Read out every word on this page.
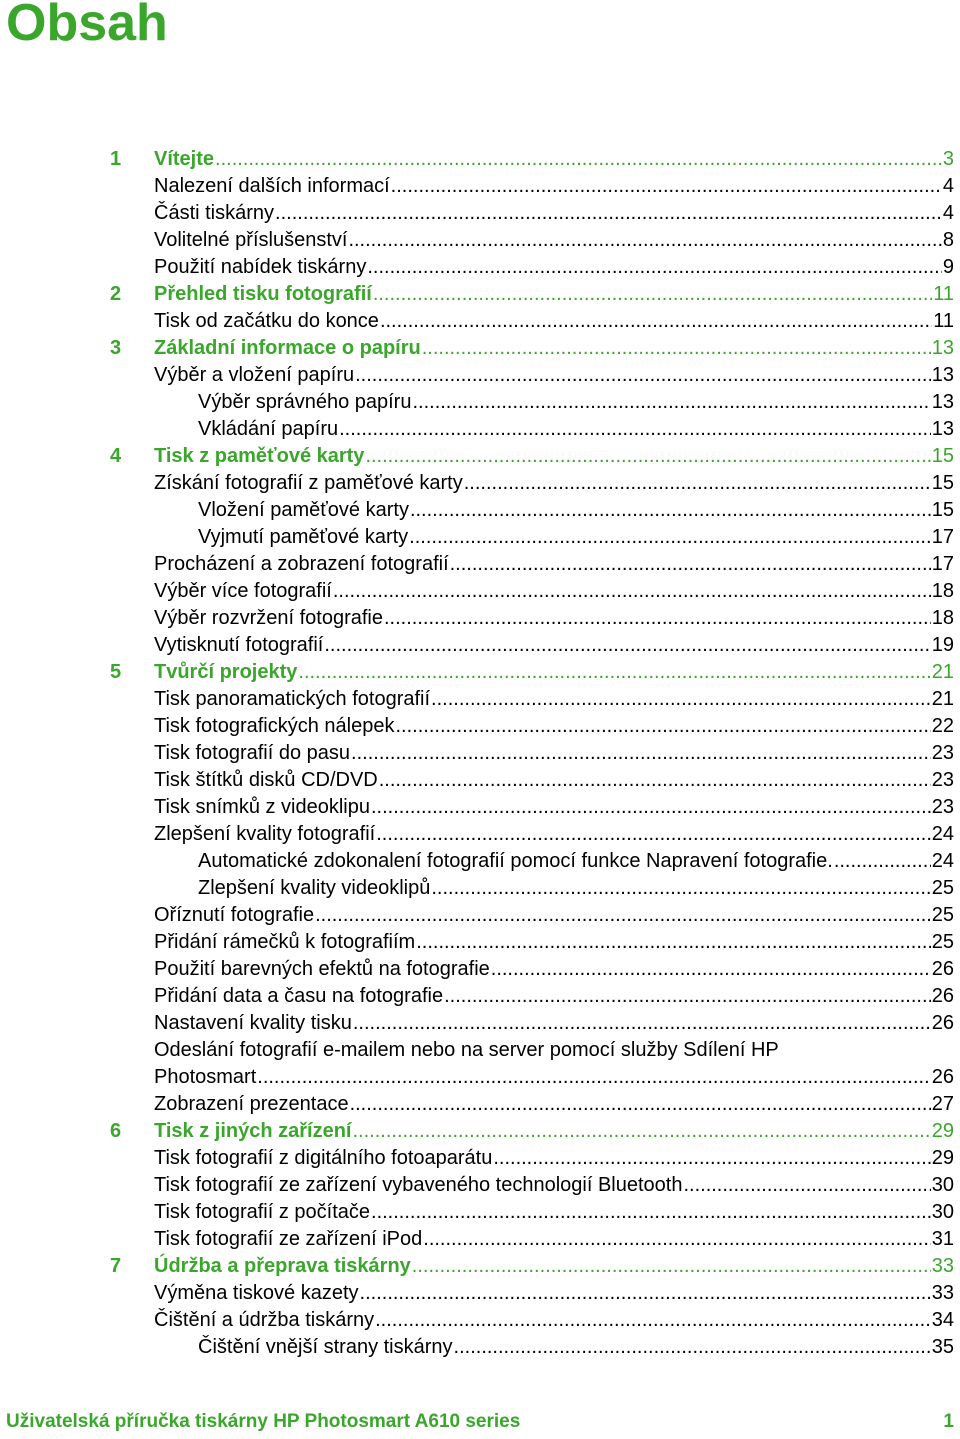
Obsah
1 Vítejte .....	3
Nalezení dalších informací .....	4
Části tiskárny .....	4
Volitelné příslušenství .....	8
Použití nabídek tiskárny .....	9
2 Přehled tisku fotografií .....	11
Tisk od začátku do konce .....	11
3 Základní informace o papíru .....	13
Výběr a vložení papíru .....	13
Výběr správného papíru .....	13
Vkládání papíru .....	13
4 Tisk z paměťové karty .....	15
Získání fotografií z paměťové karty .....	15
Vložení paměťové karty .....	15
Vyjmutí paměťové karty .....	17
Procházení a zobrazení fotografií .....	17
Výběr více fotografií .....	18
Výběr rozvržení fotografie .....	18
Vytisknutí fotografií .....	19
5 Tvůrčí projekty .....	21
Tisk panoramatických fotografií .....	21
Tisk fotografických nálepek .....	22
Tisk fotografií do pasu .....	23
Tisk štítků disků CD/DVD .....	23
Tisk snímků z videoklipu .....	23
Zlepšení kvality fotografií .....	24
Automatické zdokonalení fotografií pomocí funkce Napravení fotografie. .....	24
Zlepšení kvality videoklipů .....	25
Oříznutí fotografie .....	25
Přidání rámečků k fotografiím .....	25
Použití barevných efektů na fotografie .....	26
Přidání data a času na fotografie .....	26
Nastavení kvality tisku .....	26
Odeslání fotografií e-mailem nebo na server pomocí služby Sdílení HP
Photosmart .....	26
Zobrazení prezentace .....	27
6 Tisk z jiných zařízení .....	29
Tisk fotografií z digitálního fotoaparátu .....	29
Tisk fotografií ze zařízení vybaveného technologií Bluetooth .....	30
Tisk fotografií z počítače .....	30
Tisk fotografií ze zařízení iPod .....	31
7 Údržba a přeprava tiskárny .....	33
Výměna tiskové kazety .....	33
Čištění a údržba tiskárny .....	34
Čištění vnější strany tiskárny .....	35
Uživatelská příručka tiskárny HP Photosmart A610 series	1
